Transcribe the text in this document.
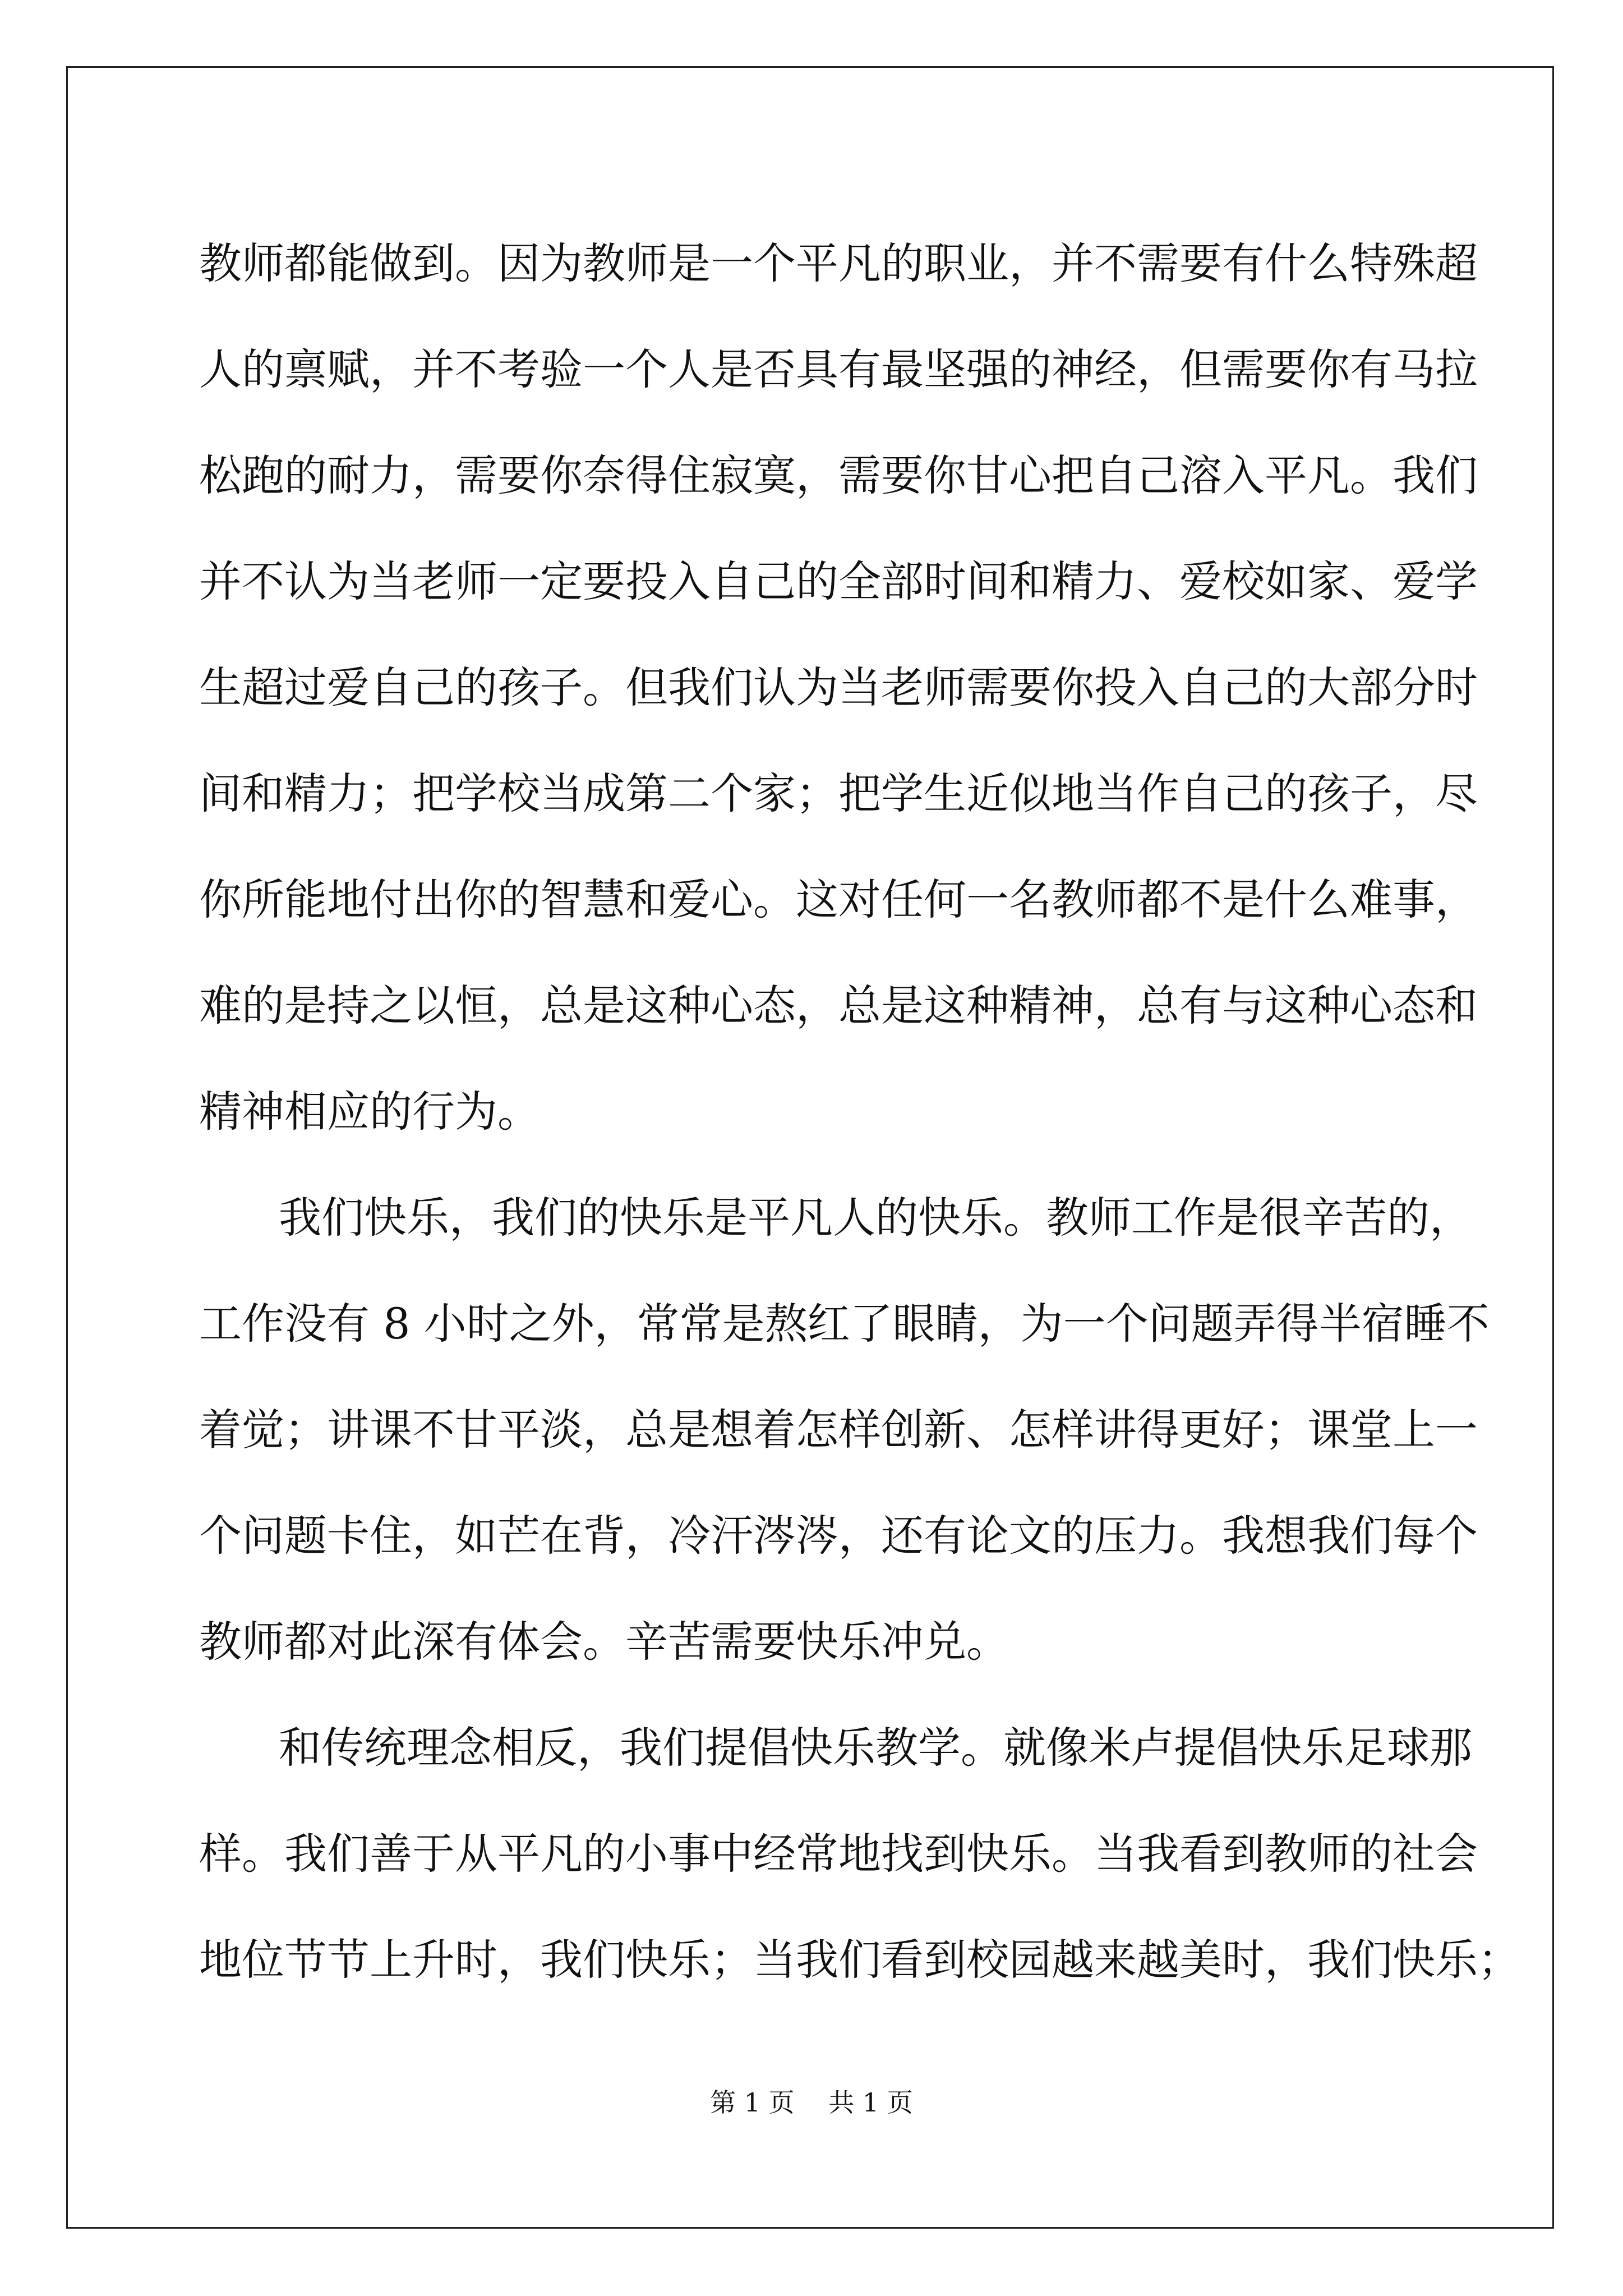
教师都能做到。因为教师是一个平凡的职业，并不需要有什么特殊超
人的禀赋，并不考验一个人是否具有最坚强的神经，但需要你有马拉
松跑的耐力，需要你奈得住寂寞，需要你甘心把自己溶入平凡。我们
并不认为当老师一定要投入自己的全部时间和精力、爱校如家、爱学
生超过爱自己的孩子。但我们认为当老师需要你投入自己的大部分时
间和精力；把学校当成第二个家；把学生近似地当作自己的孩子，尽
你所能地付出你的智慧和爱心。这对任何一名教师都不是什么难事，
难的是持之以恒，总是这种心态，总是这种精神，总有与这种心态和
精神相应的行为。
我们快乐，我们的快乐是平凡人的快乐。教师工作是很辛苦的，
工作没有 8 小时之外，常常是熬红了眼睛，为一个问题弄得半宿睡不
着觉；讲课不甘平淡，总是想着怎样创新、怎样讲得更好；课堂上一
个问题卡住，如芒在背，冷汗涔涔，还有论文的压力。我想我们每个
教师都对此深有体会。辛苦需要快乐冲兑。
和传统理念相反，我们提倡快乐教学。就像米卢提倡快乐足球那
样。我们善于从平凡的小事中经常地找到快乐。当我看到教师的社会
地位节节上升时，我们快乐；当我们看到校园越来越美时，我们快乐；
第 1 页　 共 1 页
